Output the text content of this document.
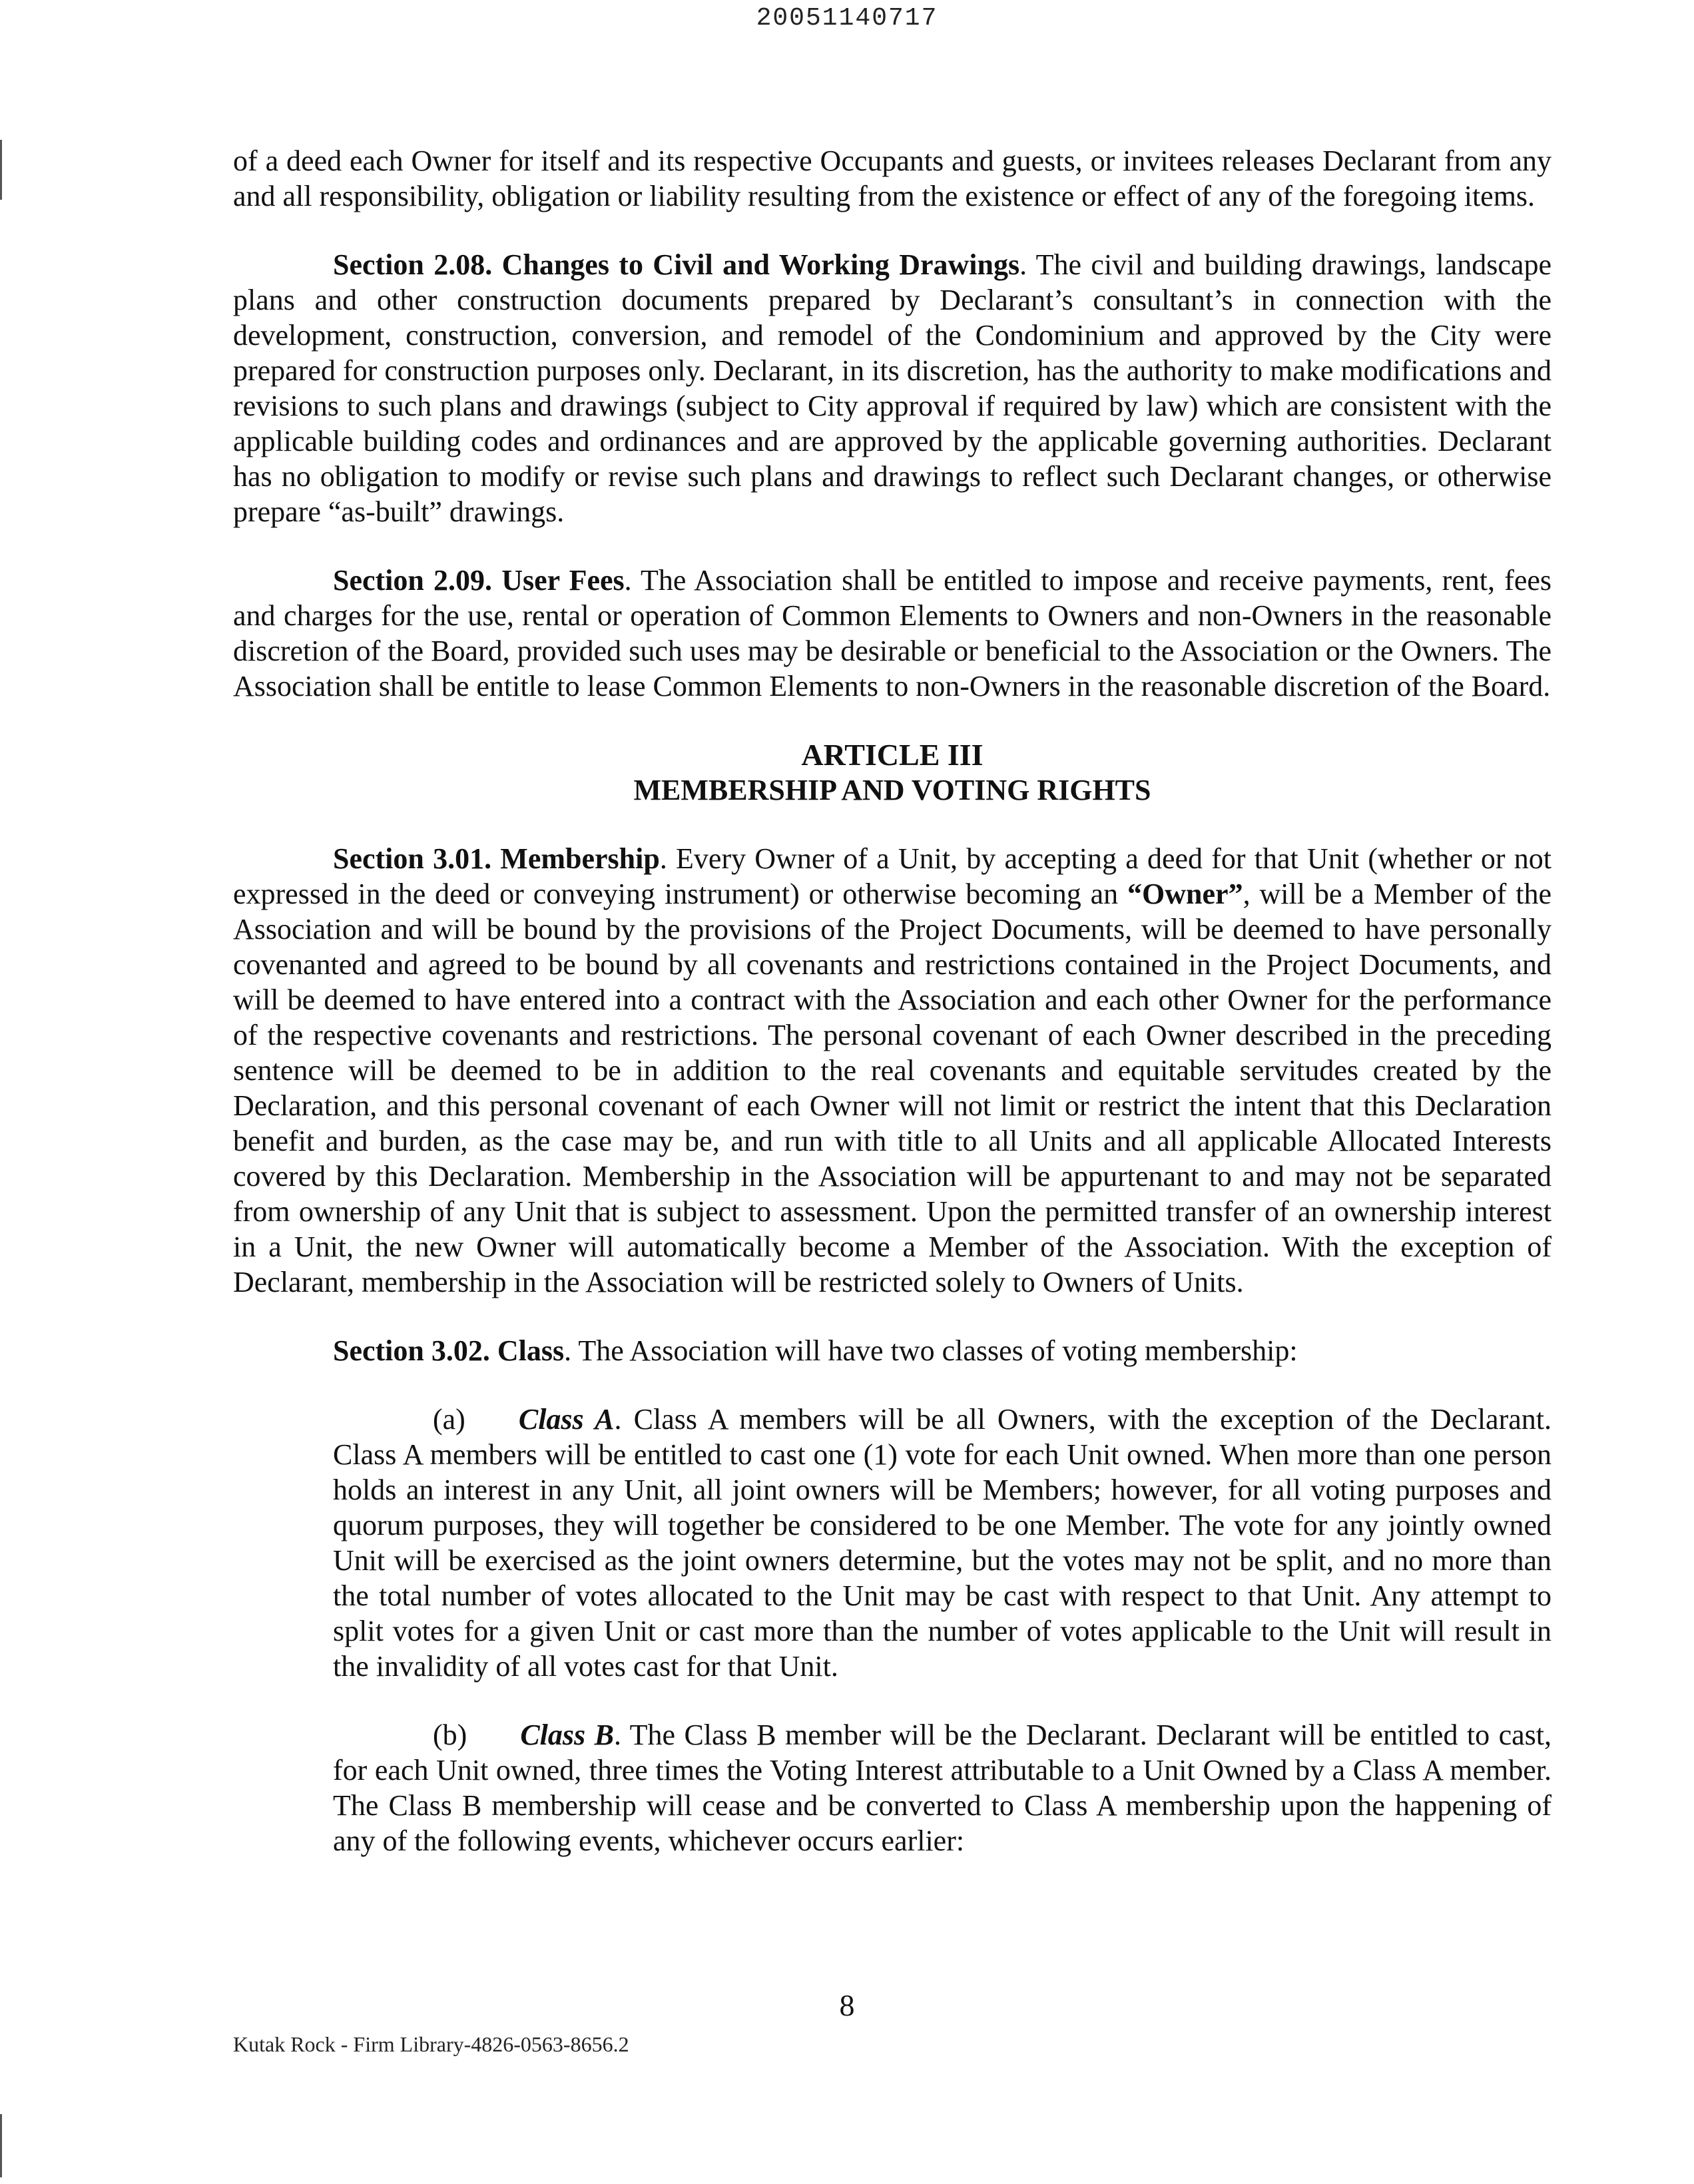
20051140717

of a deed each Owner for itself and its respective Occupants and guests, or invitees releases Declarant from any and all responsibility, obligation or liability resulting from the existence or effect of any of the foregoing items.

Section 2.08. Changes to Civil and Working Drawings. The civil and building drawings, landscape plans and other construction documents prepared by Declarant’s consultant’s in connection with the development, construction, conversion, and remodel of the Condominium and approved by the City were prepared for construction purposes only. Declarant, in its discretion, has the authority to make modifications and revisions to such plans and drawings (subject to City approval if required by law) which are consistent with the applicable building codes and ordinances and are approved by the applicable governing authorities. Declarant has no obligation to modify or revise such plans and drawings to reflect such Declarant changes, or otherwise prepare “as-built” drawings.

Section 2.09. User Fees. The Association shall be entitled to impose and receive payments, rent, fees and charges for the use, rental or operation of Common Elements to Owners and non-Owners in the reasonable discretion of the Board, provided such uses may be desirable or beneficial to the Association or the Owners. The Association shall be entitle to lease Common Elements to non-Owners in the reasonable discretion of the Board.

ARTICLE III
MEMBERSHIP AND VOTING RIGHTS

Section 3.01. Membership. Every Owner of a Unit, by accepting a deed for that Unit (whether or not expressed in the deed or conveying instrument) or otherwise becoming an “Owner”, will be a Member of the Association and will be bound by the provisions of the Project Documents, will be deemed to have personally covenanted and agreed to be bound by all covenants and restrictions contained in the Project Documents, and will be deemed to have entered into a contract with the Association and each other Owner for the performance of the respective covenants and restrictions. The personal covenant of each Owner described in the preceding sentence will be deemed to be in addition to the real covenants and equitable servitudes created by the Declaration, and this personal covenant of each Owner will not limit or restrict the intent that this Declaration benefit and burden, as the case may be, and run with title to all Units and all applicable Allocated Interests covered by this Declaration. Membership in the Association will be appurtenant to and may not be separated from ownership of any Unit that is subject to assessment. Upon the permitted transfer of an ownership interest in a Unit, the new Owner will automatically become a Member of the Association. With the exception of Declarant, membership in the Association will be restricted solely to Owners of Units.

Section 3.02. Class. The Association will have two classes of voting membership:

(a) Class A. Class A members will be all Owners, with the exception of the Declarant. Class A members will be entitled to cast one (1) vote for each Unit owned. When more than one person holds an interest in any Unit, all joint owners will be Members; however, for all voting purposes and quorum purposes, they will together be considered to be one Member. The vote for any jointly owned Unit will be exercised as the joint owners determine, but the votes may not be split, and no more than the total number of votes allocated to the Unit may be cast with respect to that Unit. Any attempt to split votes for a given Unit or cast more than the number of votes applicable to the Unit will result in the invalidity of all votes cast for that Unit.

(b) Class B. The Class B member will be the Declarant. Declarant will be entitled to cast, for each Unit owned, three times the Voting Interest attributable to a Unit Owned by a Class A member. The Class B membership will cease and be converted to Class A membership upon the happening of any of the following events, whichever occurs earlier:

8
Kutak Rock - Firm Library-4826-0563-8656.2
